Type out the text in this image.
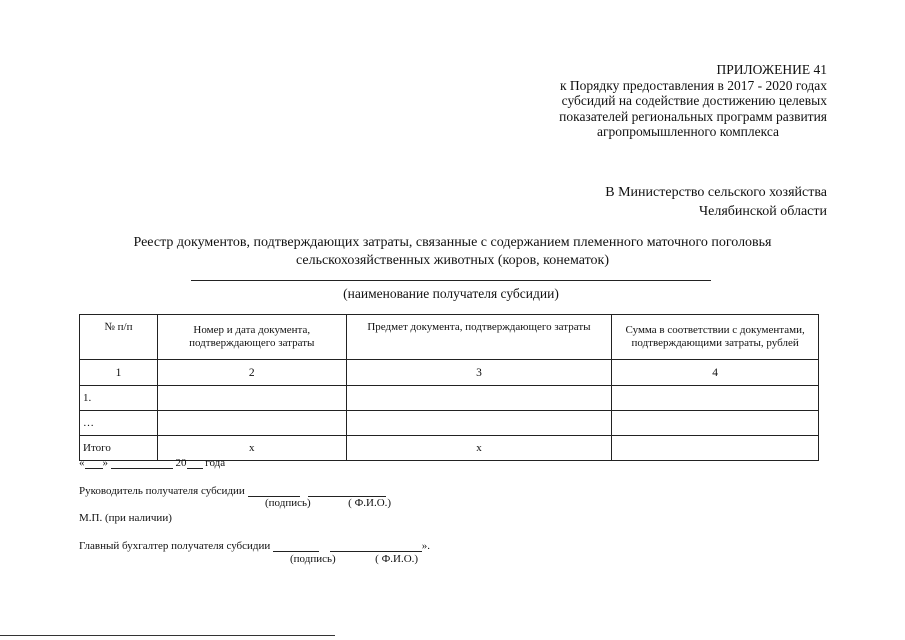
ПРИЛОЖЕНИЕ 41
к Порядку предоставления в 2017 - 2020 годах
субсидий на содействие достижению целевых
показателей региональных программ развития
агропромышленного комплекса
В Министерство сельского хозяйства
Челябинской области
Реестр документов, подтверждающих затраты, связанные с содержанием племенного маточного поголовья
сельскохозяйственных животных (коров, конематок)
(наименование получателя субсидии)
№ п/п	Номер и дата документа, подтверждающего затраты	Предмет документа, подтверждающего затраты	Сумма в соответствии с документами, подтверждающими затраты, рублей
1	2	3	4
1.			
…			
Итого	x	x	
« »	20 года
Руководитель получателя субсидии
(подпись)	( Ф.И.О.)
М.П. (при наличии)
Главный бухгалтер получателя субсидии	».
(подпись)	( Ф.И.О.)
